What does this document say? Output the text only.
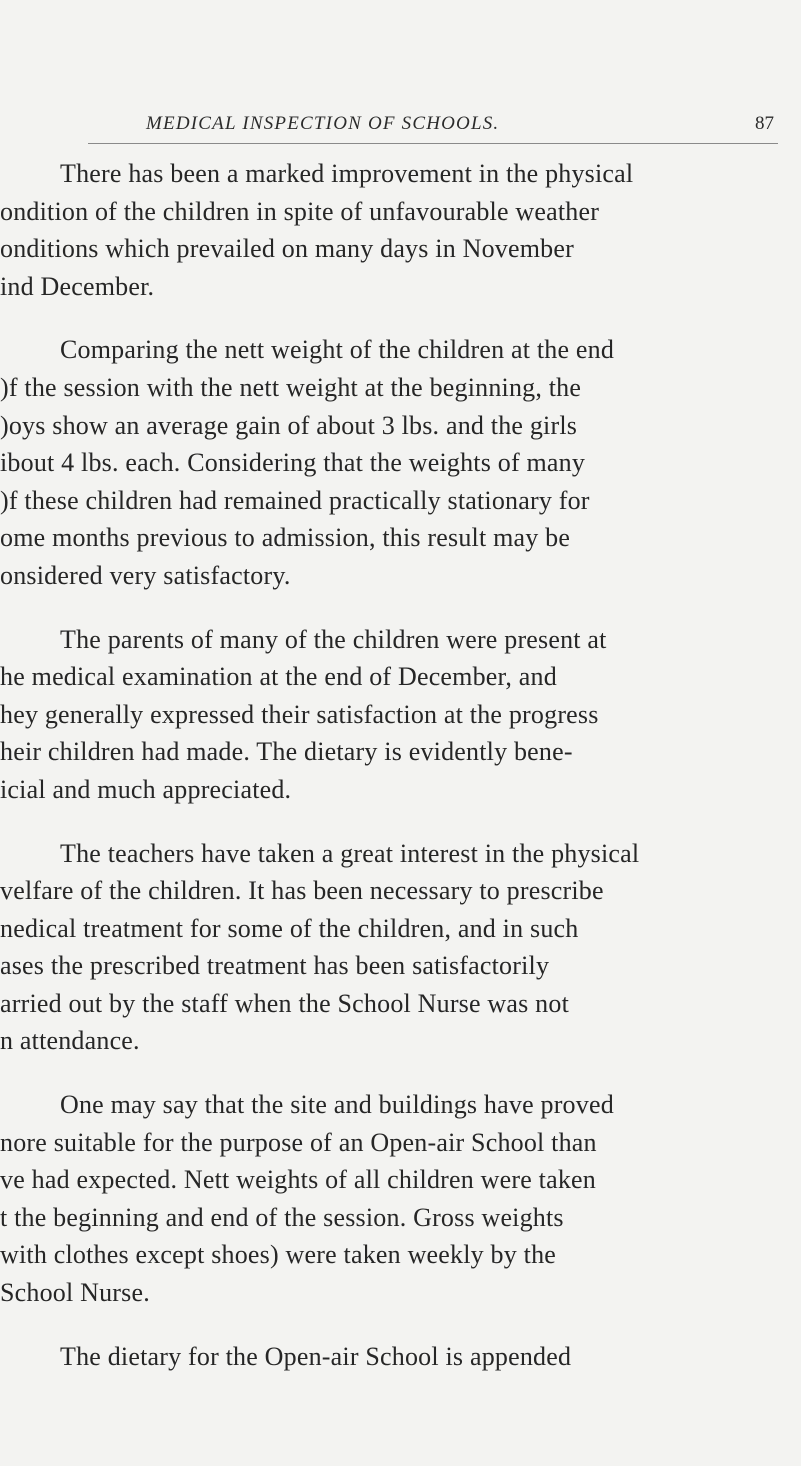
MEDICAL INSPECTION OF SCHOOLS.	87
There has been a marked improvement in the physical
ondition of the children in spite of unfavourable weather
onditions which prevailed on many days in November
ind December.
Comparing the nett weight of the children at the end
)f the session with the nett weight at the beginning, the
)oys show an average gain of about 3 lbs. and the girls
ibout 4 lbs. each. Considering that the weights of many
)f these children had remained practically stationary for
ome months previous to admission, this result may be
onsidered very satisfactory.
The parents of many of the children were present at
he medical examination at the end of December, and
hey generally expressed their satisfaction at the progress
heir children had made. The dietary is evidently bene-
icial and much appreciated.
The teachers have taken a great interest in the physical
velfare of the children. It has been necessary to prescribe
nedical treatment for some of the children, and in such
ases the prescribed treatment has been satisfactorily
arried out by the staff when the School Nurse was not
n attendance.
One may say that the site and buildings have proved
nore suitable for the purpose of an Open-air School than
ve had expected. Nett weights of all children were taken
t the beginning and end of the session. Gross weights
with clothes except shoes) were taken weekly by the
School Nurse.
The dietary for the Open-air School is appended
